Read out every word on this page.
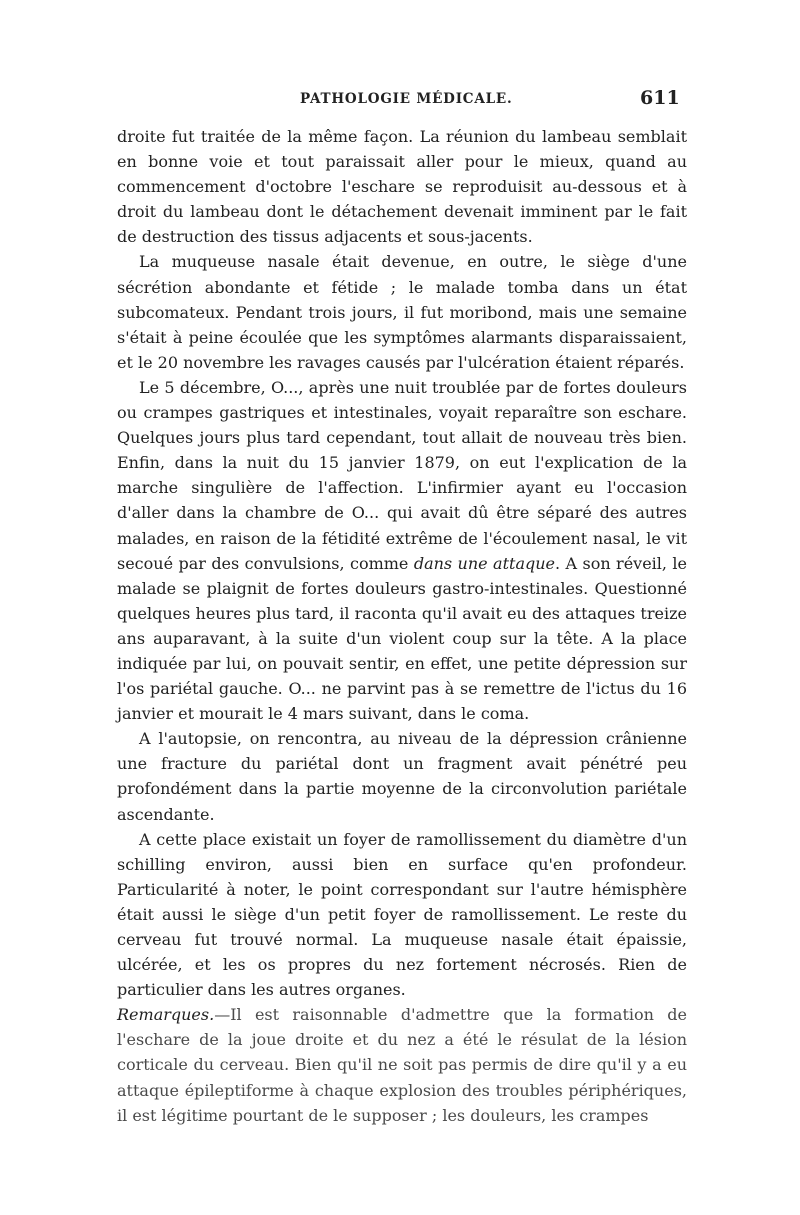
PATHOLOGIE MÉDICALE.	611

droite fut traitée de la même façon. La réunion du lambeau semblait en bonne voie et tout paraissait aller pour le mieux, quand au commencement d'octobre l'eschare se reproduisit au-dessous et à droit du lambeau dont le détachement devenait imminent par le fait de destruction des tissus adjacents et sous-jacents.

La muqueuse nasale était devenue, en outre, le siège d'une sécrétion abondante et fétide ; le malade tomba dans un état subcomateux. Pendant trois jours, il fut moribond, mais une semaine s'était à peine écoulée que les symptômes alarmants disparaissaient, et le 20 novembre les ravages causés par l'ulcération étaient réparés.

Le 5 décembre, O..., après une nuit troublée par de fortes douleurs ou crampes gastriques et intestinales, voyait reparaître son eschare. Quelques jours plus tard cependant, tout allait de nouveau très bien. Enfin, dans la nuit du 15 janvier 1879, on eut l'explication de la marche singulière de l'affection. L'infirmier ayant eu l'occasion d'aller dans la chambre de O... qui avait dû être séparé des autres malades, en raison de la fétidité extrême de l'écoulement nasal, le vit secoué par des convulsions, comme dans une attaque. A son réveil, le malade se plaignit de fortes douleurs gastro-intestinales. Questionné quelques heures plus tard, il raconta qu'il avait eu des attaques treize ans auparavant, à la suite d'un violent coup sur la tête. A la place indiquée par lui, on pouvait sentir, en effet, une petite dépression sur l'os pariétal gauche. O... ne parvint pas à se remettre de l'ictus du 16 janvier et mourait le 4 mars suivant, dans le coma.

A l'autopsie, on rencontra, au niveau de la dépression crânienne une fracture du pariétal dont un fragment avait pénétré peu profondément dans la partie moyenne de la circonvolution pariétale ascendante.

A cette place existait un foyer de ramollissement du diamètre d'un schilling environ, aussi bien en surface qu'en profondeur. Particularité à noter, le point correspondant sur l'autre hémisphère était aussi le siège d'un petit foyer de ramollissement. Le reste du cerveau fut trouvé normal. La muqueuse nasale était épaissie, ulcérée, et les os propres du nez fortement nécrosés. Rien de particulier dans les autres organes.

Remarques.—Il est raisonnable d'admettre que la formation de l'eschare de la joue droite et du nez a été le résulat de la lésion corticale du cerveau. Bien qu'il ne soit pas permis de dire qu'il y a eu attaque épileptiforme à chaque explosion des troubles périphériques, il est légitime pourtant de le supposer ; les douleurs, les crampes
